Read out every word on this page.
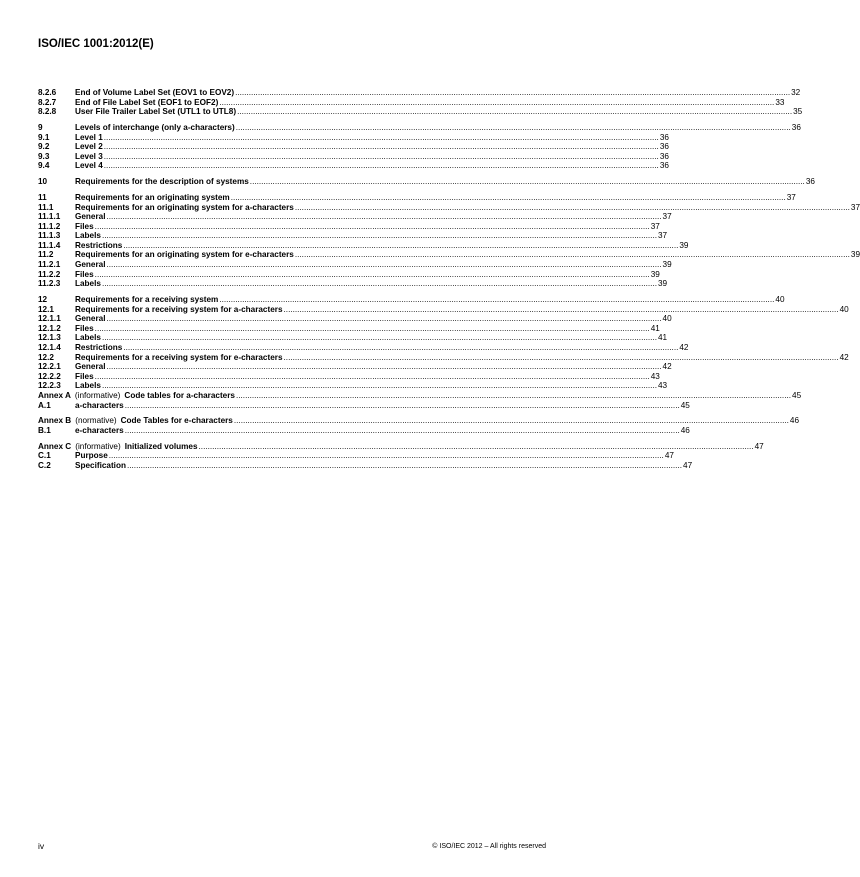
ISO/IEC 1001:2012(E)
8.2.6	End of Volume Label Set (EOV1 to EOV2) .....	32
8.2.7	End of File Label Set (EOF1 to EOF2) .....	33
8.2.8	User File Trailer Label Set (UTL1 to UTL8) .....	35
9	Levels of interchange (only a-characters) .....	36
9.1	Level 1 .....	36
9.2	Level 2 .....	36
9.3	Level 3 .....	36
9.4	Level 4 .....	36
10	Requirements for the description of systems .....	36
11	Requirements for an originating system .....	37
11.1	Requirements for an originating system for a-characters .....	37
11.1.1	General .....	37
11.1.2	Files .....	37
11.1.3	Labels .....	37
11.1.4	Restrictions .....	39
11.2	Requirements for an originating system for e-characters .....	39
11.2.1	General .....	39
11.2.2	Files .....	39
11.2.3	Labels .....	39
12	Requirements for a receiving system .....	40
12.1	Requirements for a receiving system for a-characters .....	40
12.1.1	General .....	40
12.1.2	Files .....	41
12.1.3	Labels .....	41
12.1.4	Restrictions .....	42
12.2	Requirements for a receiving system for e-characters .....	42
12.2.1	General .....	42
12.2.2	Files .....	43
12.2.3	Labels .....	43
Annex A (informative) Code tables for a-characters .....	45
A.1	a-characters .....	45
Annex B (normative) Code Tables for e-characters .....	46
B.1	e-characters .....	46
Annex C (informative) Initialized volumes .....	47
C.1	Purpose .....	47
C.2	Specification .....	47
iv	© ISO/IEC 2012 – All rights reserved
